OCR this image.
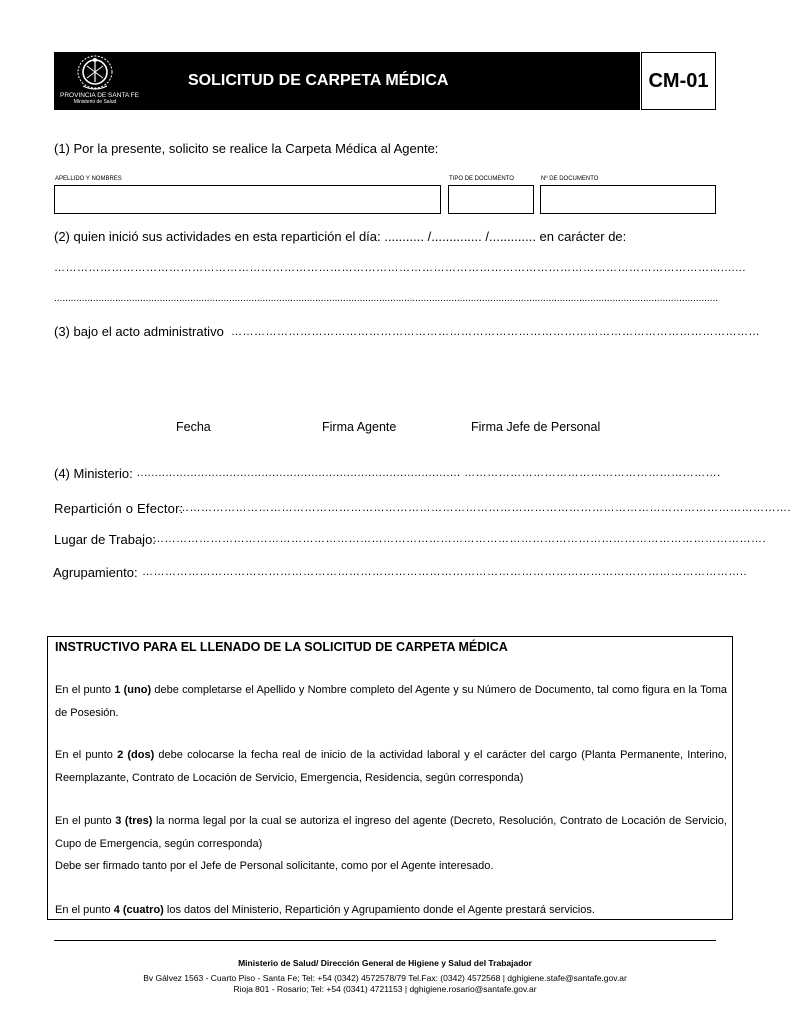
PROVINCIA DE SANTA FE
Ministerio de Salud
SOLICITUD DE CARPETA MÉDICA	CM-01
(1) Por la presente, solicito se realice la Carpeta Médica al Agente:
APELLIDO Y NOMBRES	TIPO DE DOCUMENTO	Nº DE DOCUMENTO
(2) quien inició sus actividades en esta repartición el día: ........... /.............. /............. en carácter de:
………………………………………………………………………………………………………………………………………………………….......
...............................................................................................................................................................................................................................................
(3) bajo el acto administrativo …………………………………………………………………………………………………………………………
Fecha	Firma Agente	Firma Jefe de Personal
(4) Ministerio: ........................................................................................... ………………………………………………………….
Repartición o Efector:
…………………………………………………………………………………………………………………………………………….
Lugar de Trabajo:
…………………………………………………………………………………………………………………………………………….
Agrupamiento: …………………………………………………………………………………………………………………………………………..
INSTRUCTIVO PARA EL LLENADO DE LA SOLICITUD DE CARPETA MÉDICA
En el punto 1 (uno) debe completarse el Apellido y Nombre completo del Agente y su Número de Documento, tal como figura en la Toma de Posesión.
En el punto 2 (dos) debe colocarse la fecha real de inicio de la actividad laboral y el carácter del cargo (Planta Permanente, Interino, Reemplazante, Contrato de Locación de Servicio, Emergencia, Residencia, según corresponda)
En el punto 3 (tres) la norma legal por la cual se autoriza el ingreso del agente (Decreto, Resolución, Contrato de Locación de Servicio, Cupo de Emergencia, según corresponda)
Debe ser firmado tanto por el Jefe de Personal solicitante, como por el Agente interesado.
En el punto 4 (cuatro) los datos del Ministerio, Repartición y Agrupamiento donde el Agente prestará servicios.
Ministerio de Salud/ Dirección General de Higiene y Salud del Trabajador
Bv Gálvez 1563 - Cuarto Piso - Santa Fe; Tel: +54 (0342) 4572578/79 Tel.Fax: (0342) 4572568 | dghigiene.stafe@santafe.gov.ar
Rioja 801 - Rosario; Tel: +54 (0341) 4721153 | dghigiene.rosario@santafe.gov.ar
